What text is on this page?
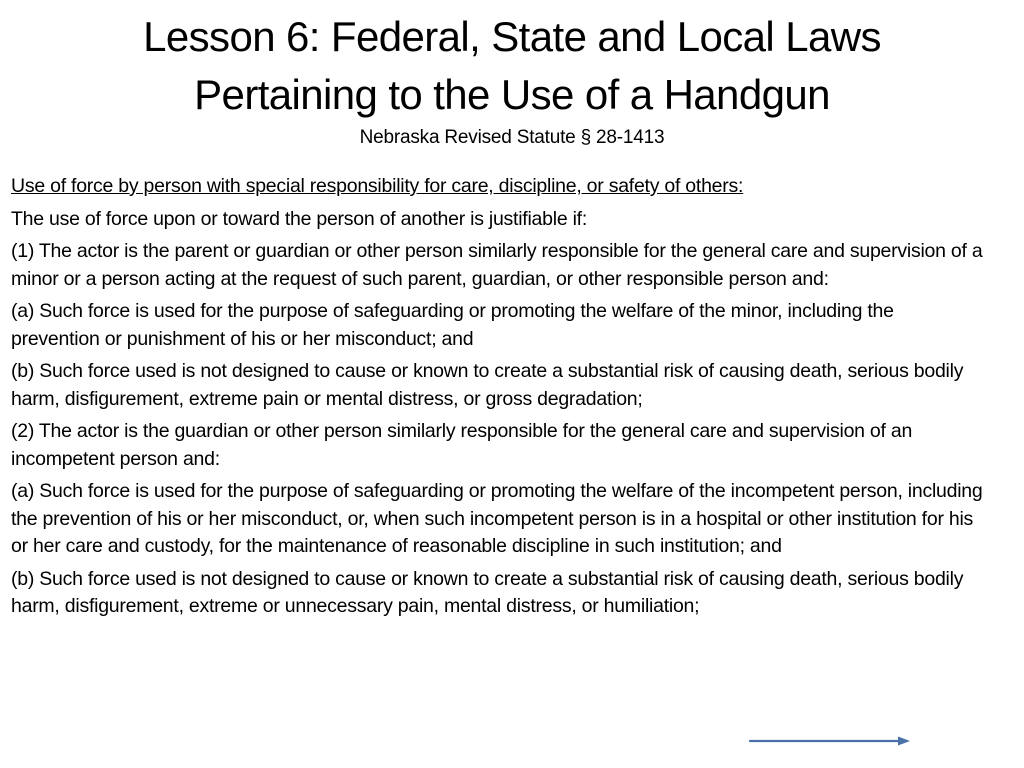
Lesson 6: Federal, State and Local Laws
Pertaining to the Use of a Handgun
Nebraska Revised Statute § 28-1413

Use of force by person with special responsibility for care, discipline, or safety of others:

The use of force upon or toward the person of another is justifiable if:

(1) The actor is the parent or guardian or other person similarly responsible for the general care and supervision of a minor or a person acting at the request of such parent, guardian, or other responsible person and:

(a) Such force is used for the purpose of safeguarding or promoting the welfare of the minor, including the prevention or punishment of his or her misconduct; and

(b) Such force used is not designed to cause or known to create a substantial risk of causing death, serious bodily harm, disfigurement, extreme pain or mental distress, or gross degradation;

(2) The actor is the guardian or other person similarly responsible for the general care and supervision of an incompetent person and:

(a) Such force is used for the purpose of safeguarding or promoting the welfare of the incompetent person, including the prevention of his or her misconduct, or, when such incompetent person is in a hospital or other institution for his or her care and custody, for the maintenance of reasonable discipline in such institution; and

(b) Such force used is not designed to cause or known to create a substantial risk of causing death, serious bodily harm, disfigurement, extreme or unnecessary pain, mental distress, or humiliation;
